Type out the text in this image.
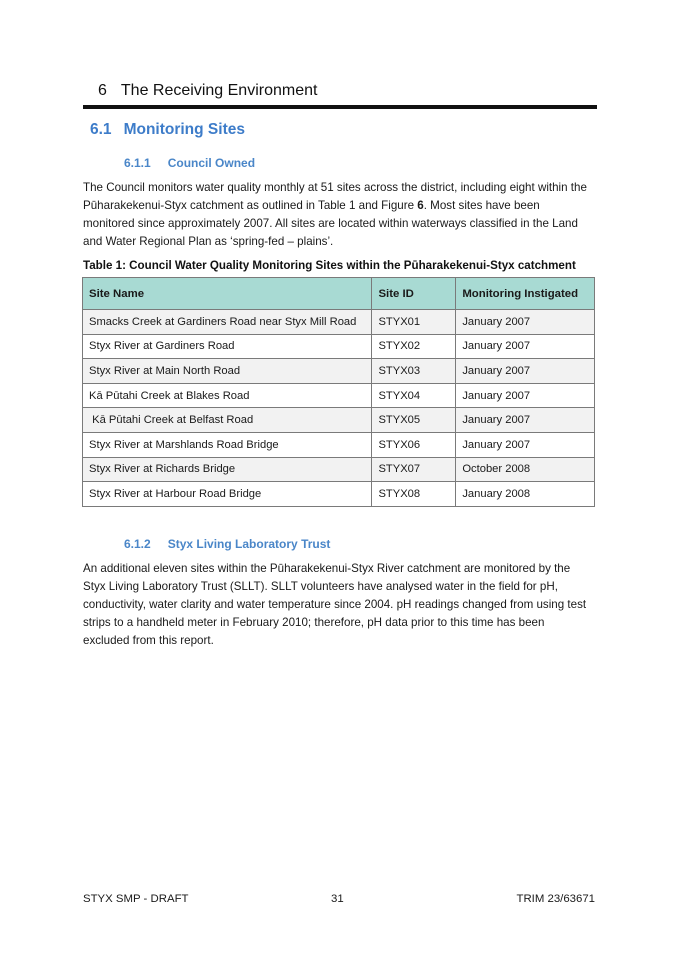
6 The Receiving Environment
6.1 Monitoring Sites
6.1.1 Council Owned

The Council monitors water quality monthly at 51 sites across the district, including eight within the Pūharakekenui-Styx catchment as outlined in Table 1 and Figure 6. Most sites have been monitored since approximately 2007. All sites are located within waterways classified in the Land and Water Regional Plan as ‘spring-fed – plains’.

Table 1: Council Water Quality Monitoring Sites within the Pūharakekenui-Styx catchment
Site Name	Site ID	Monitoring Instigated
Smacks Creek at Gardiners Road near Styx Mill Road	STYX01	January 2007
Styx River at Gardiners Road	STYX02	January 2007
Styx River at Main North Road	STYX03	January 2007
Kā Pūtahi Creek at Blakes Road	STYX04	January 2007
Kā Pūtahi Creek at Belfast Road	STYX05	January 2007
Styx River at Marshlands Road Bridge	STYX06	January 2007
Styx River at Richards Bridge	STYX07	October 2008
Styx River at Harbour Road Bridge	STYX08	January 2008
6.1.2 Styx Living Laboratory Trust

An additional eleven sites within the Pūharakekenui-Styx River catchment are monitored by the Styx Living Laboratory Trust (SLLT). SLLT volunteers have analysed water in the field for pH, conductivity, water clarity and water temperature since 2004. pH readings changed from using test strips to a handheld meter in February 2010; therefore, pH data prior to this time has been excluded from this report.

STYX SMP - DRAFT	31	TRIM 23/63671
